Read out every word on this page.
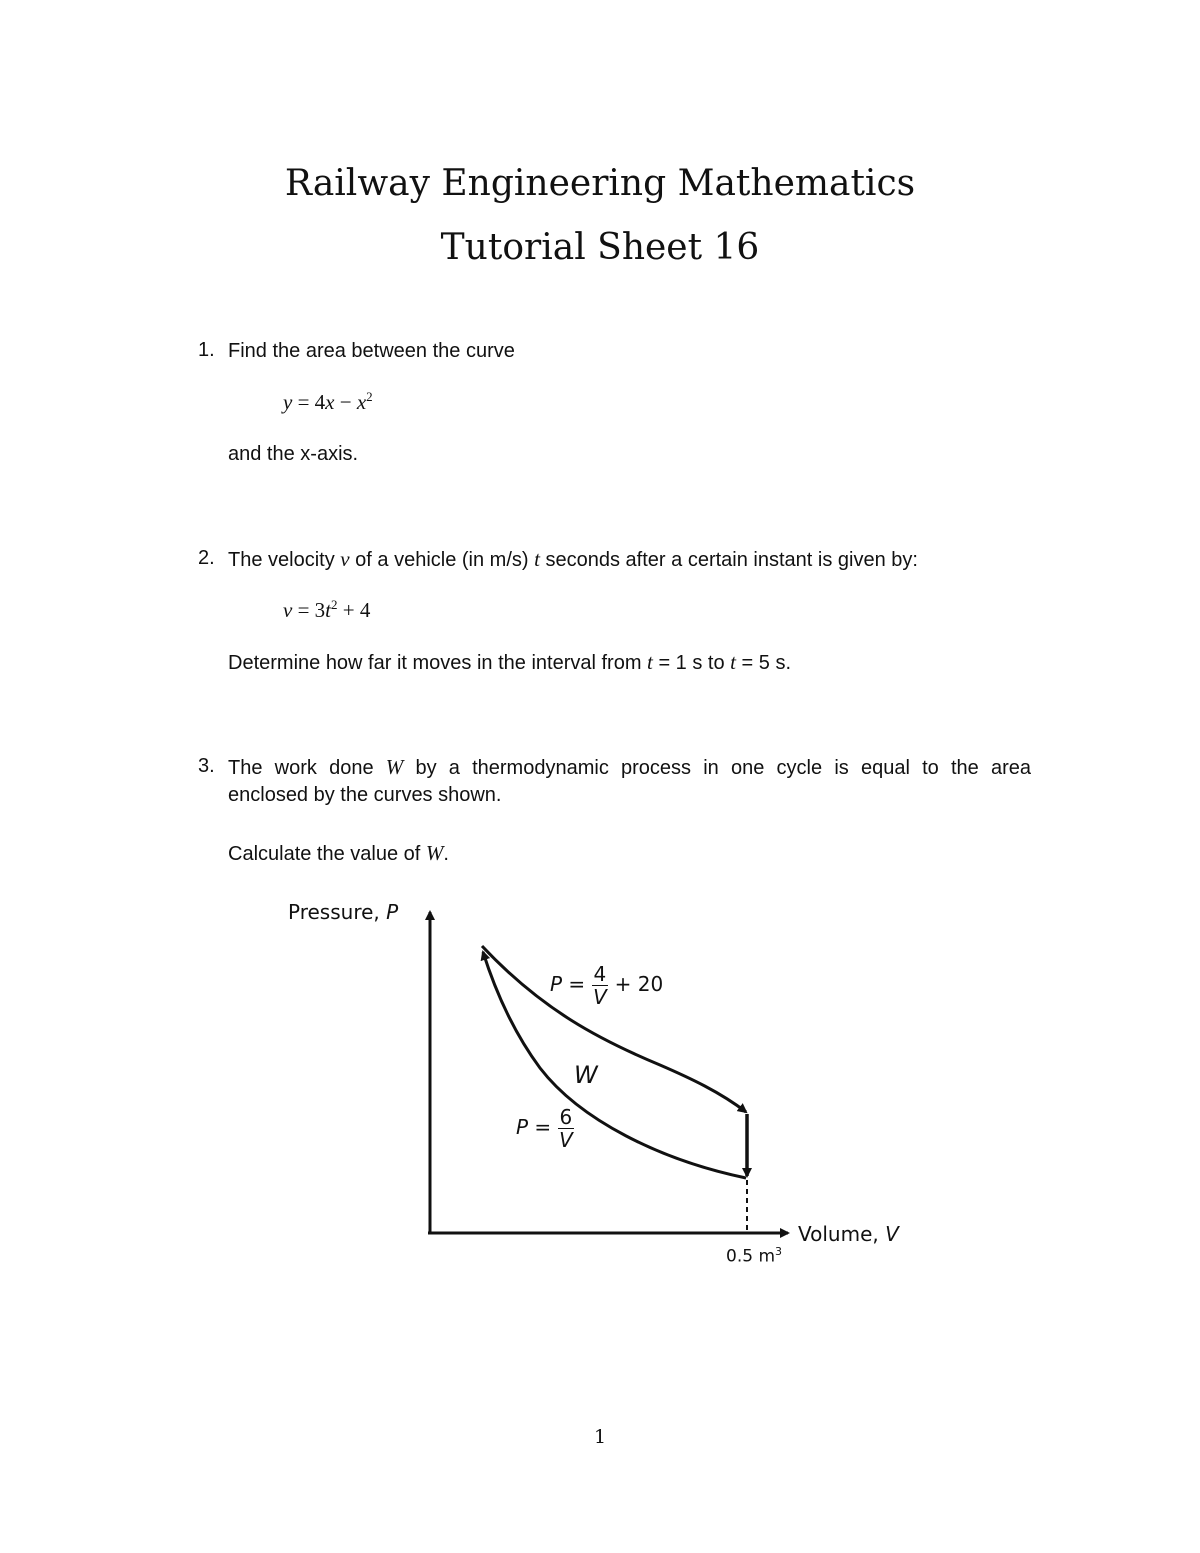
Railway Engineering Mathematics
Tutorial Sheet 16
1. Find the area between the curve
$y = 4x - x^2$
and the x-axis.
2. The velocity v of a vehicle (in m/s) t seconds after a certain instant is given by:
$v = 3t^2 + 4$
Determine how far it moves in the interval from t = 1 s to t = 5 s.
3. The work done W by a thermodynamic process in one cycle is equal to the area
enclosed by the curves shown.
Calculate the value of W.
Pressure, P
Volume, V
0.5 $m^3$
$P = \frac{4}{V} + 20$
$P = \frac{6}{V}$
W
1
